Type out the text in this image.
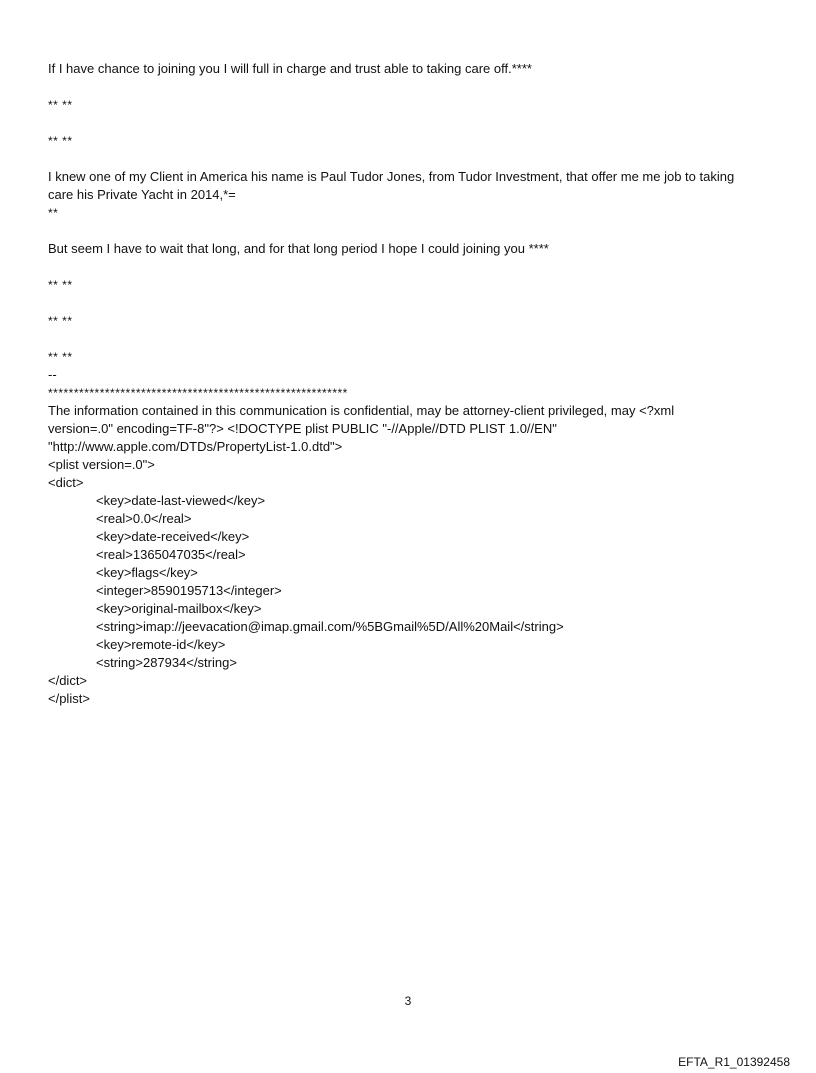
If I have chance to joining you I will full in charge and trust able to taking care off.****
** **
** **
I knew one of my Client in America his name is Paul Tudor Jones, from Tudor Investment, that offer me me job to taking
care his Private Yacht in 2014,*=
**
But seem I have to wait that long, and for that long period I hope I could joining you ****
** **
** **
** **
--
**********************************************************
The information contained in this communication is confidential, may be attorney-client privileged, may <?xml
version=.0" encoding=TF-8"?> <!DOCTYPE plist PUBLIC "-//Apple//DTD PLIST 1.0//EN"
"http://www.apple.com/DTDs/PropertyList-1.0.dtd">
<plist version=.0">
<dict>
<key>date-last-viewed</key>
<real>0.0</real>
<key>date-received</key>
<real>1365047035</real>
<key>flags</key>
<integer>8590195713</integer>
<key>original-mailbox</key>
<string>imap://jeevacation@imap.gmail.com/%5BGmail%5D/All%20Mail</string>
<key>remote-id</key>
<string>287934</string>
</dict>
</plist>
3
EFTA_R1_01392458
